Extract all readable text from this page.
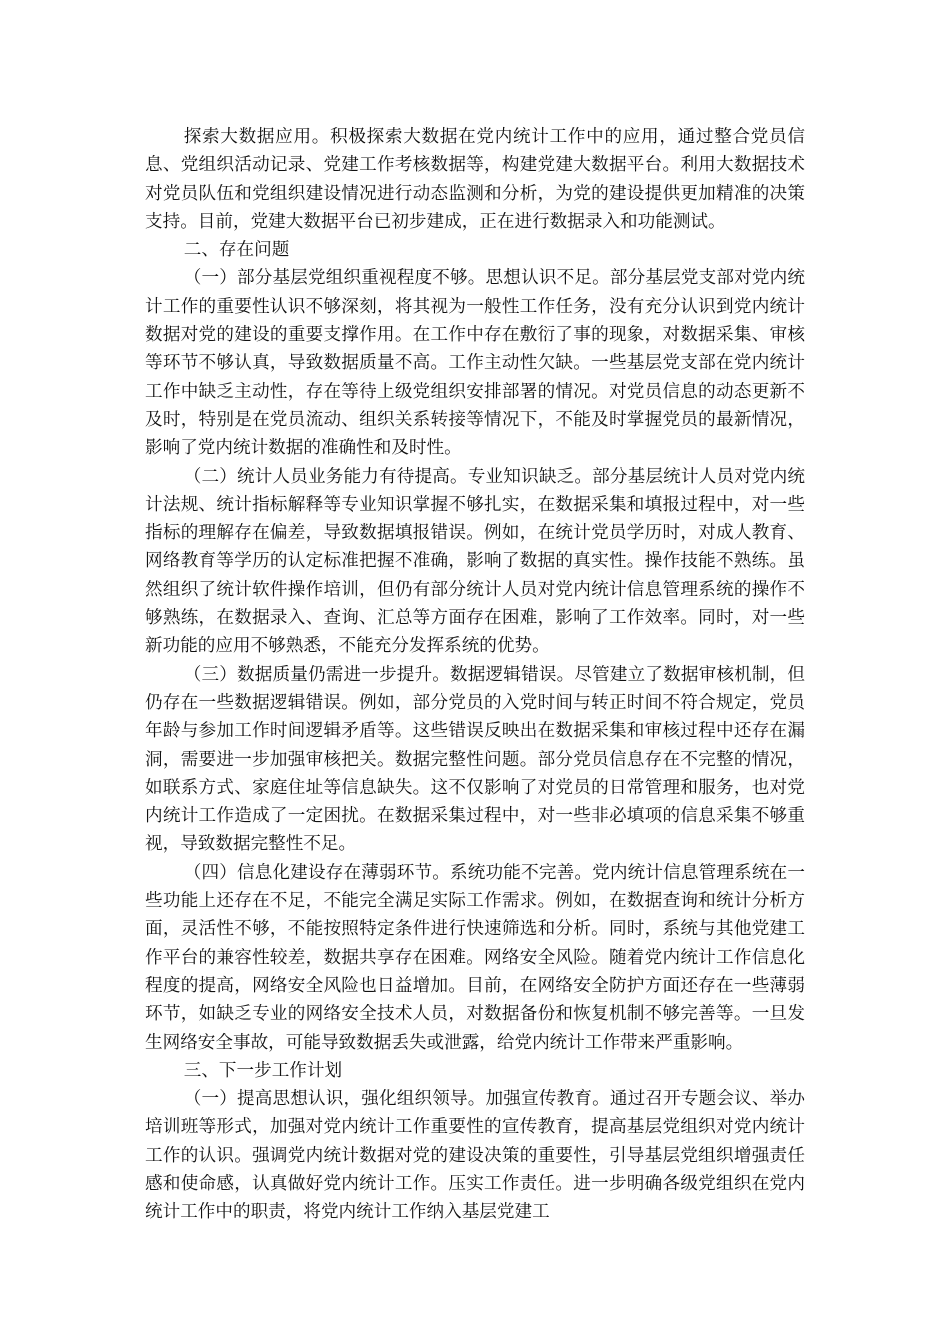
探索大数据应用。积极探索大数据在党内统计工作中的应用，通过整合党员信息、党组织活动记录、党建工作考核数据等，构建党建大数据平台。利用大数据技术对党员队伍和党组织建设情况进行动态监测和分析，为党的建设提供更加精准的决策支持。目前，党建大数据平台已初步建成，正在进行数据录入和功能测试。

二、存在问题

（一）部分基层党组织重视程度不够。思想认识不足。部分基层党支部对党内统计工作的重要性认识不够深刻，将其视为一般性工作任务，没有充分认识到党内统计数据对党的建设的重要支撑作用。在工作中存在敷衍了事的现象，对数据采集、审核等环节不够认真，导致数据质量不高。工作主动性欠缺。一些基层党支部在党内统计工作中缺乏主动性，存在等待上级党组织安排部署的情况。对党员信息的动态更新不及时，特别是在党员流动、组织关系转接等情况下，不能及时掌握党员的最新情况，影响了党内统计数据的准确性和及时性。

（二）统计人员业务能力有待提高。专业知识缺乏。部分基层统计人员对党内统计法规、统计指标解释等专业知识掌握不够扎实，在数据采集和填报过程中，对一些指标的理解存在偏差，导致数据填报错误。例如，在统计党员学历时，对成人教育、网络教育等学历的认定标准把握不准确，影响了数据的真实性。操作技能不熟练。虽然组织了统计软件操作培训，但仍有部分统计人员对党内统计信息管理系统的操作不够熟练，在数据录入、查询、汇总等方面存在困难，影响了工作效率。同时，对一些新功能的应用不够熟悉，不能充分发挥系统的优势。

（三）数据质量仍需进一步提升。数据逻辑错误。尽管建立了数据审核机制，但仍存在一些数据逻辑错误。例如，部分党员的入党时间与转正时间不符合规定，党员年龄与参加工作时间逻辑矛盾等。这些错误反映出在数据采集和审核过程中还存在漏洞，需要进一步加强审核把关。数据完整性问题。部分党员信息存在不完整的情况，如联系方式、家庭住址等信息缺失。这不仅影响了对党员的日常管理和服务，也对党内统计工作造成了一定困扰。在数据采集过程中，对一些非必填项的信息采集不够重视，导致数据完整性不足。

（四）信息化建设存在薄弱环节。系统功能不完善。党内统计信息管理系统在一些功能上还存在不足，不能完全满足实际工作需求。例如，在数据查询和统计分析方面，灵活性不够，不能按照特定条件进行快速筛选和分析。同时，系统与其他党建工作平台的兼容性较差，数据共享存在困难。网络安全风险。随着党内统计工作信息化程度的提高，网络安全风险也日益增加。目前，在网络安全防护方面还存在一些薄弱环节，如缺乏专业的网络安全技术人员，对数据备份和恢复机制不够完善等。一旦发生网络安全事故，可能导致数据丢失或泄露，给党内统计工作带来严重影响。

三、下一步工作计划

（一）提高思想认识，强化组织领导。加强宣传教育。通过召开专题会议、举办培训班等形式，加强对党内统计工作重要性的宣传教育，提高基层党组织对党内统计工作的认识。强调党内统计数据对党的建设决策的重要性，引导基层党组织增强责任感和使命感，认真做好党内统计工作。压实工作责任。进一步明确各级党组织在党内统计工作中的职责，将党内统计工作纳入基层党建工
